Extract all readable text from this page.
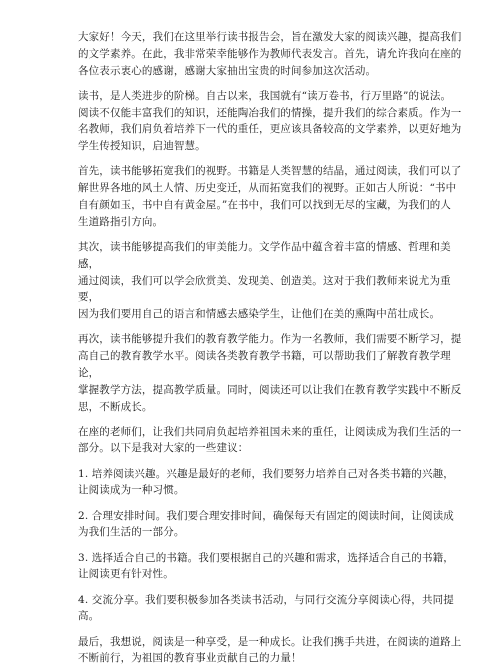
大家好！今天，我们在这里举行读书报告会，旨在激发大家的阅读兴趣，提高我们
的文学素养。在此，我非常荣幸能够作为教师代表发言。首先，请允许我向在座的
各位表示衷心的感谢，感谢大家抽出宝贵的时间参加这次活动。

读书，是人类进步的阶梯。自古以来，我国就有“读万卷书，行万里路”的说法。
阅读不仅能丰富我们的知识，还能陶冶我们的情操，提升我们的综合素质。作为一
名教师，我们肩负着培养下一代的重任，更应该具备较高的文学素养，以更好地为
学生传授知识，启迪智慧。

首先，读书能够拓宽我们的视野。书籍是人类智慧的结晶，通过阅读，我们可以了
解世界各地的风土人情、历史变迁，从而拓宽我们的视野。正如古人所说：“书中
自有颜如玉，书中自有黄金屋。”在书中，我们可以找到无尽的宝藏，为我们的人
生道路指引方向。

其次，读书能够提高我们的审美能力。文学作品中蕴含着丰富的情感、哲理和美感，
通过阅读，我们可以学会欣赏美、发现美、创造美。这对于我们教师来说尤为重要，
因为我们要用自己的语言和情感去感染学生，让他们在美的熏陶中茁壮成长。

再次，读书能够提升我们的教育教学能力。作为一名教师，我们需要不断学习，提
高自己的教育教学水平。阅读各类教育教学书籍，可以帮助我们了解教育教学理论，
掌握教学方法，提高教学质量。同时，阅读还可以让我们在教育教学实践中不断反
思，不断成长。

在座的老师们，让我们共同肩负起培养祖国未来的重任，让阅读成为我们生活的一
部分。以下是我对大家的一些建议：

1. 培养阅读兴趣。兴趣是最好的老师，我们要努力培养自己对各类书籍的兴趣，
让阅读成为一种习惯。

2. 合理安排时间。我们要合理安排时间，确保每天有固定的阅读时间，让阅读成
为我们生活的一部分。

3. 选择适合自己的书籍。我们要根据自己的兴趣和需求，选择适合自己的书籍，
让阅读更有针对性。

4. 交流分享。我们要积极参加各类读书活动，与同行交流分享阅读心得，共同提
高。

最后，我想说，阅读是一种享受，是一种成长。让我们携手共进，在阅读的道路上
不断前行，为祖国的教育事业贡献自己的力量！
